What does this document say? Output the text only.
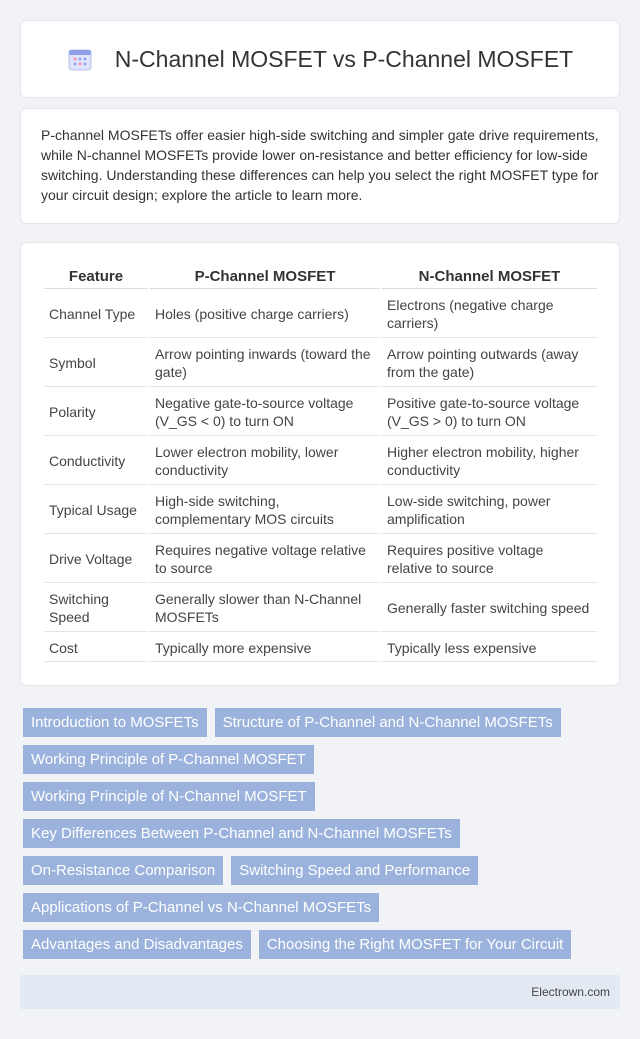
N-Channel MOSFET vs P-Channel MOSFET

P-channel MOSFETs offer easier high-side switching and simpler gate drive requirements, while N-channel MOSFETs provide lower on-resistance and better efficiency for low-side switching. Understanding these differences can help you select the right MOSFET type for your circuit design; explore the article to learn more.

Feature	P-Channel MOSFET	N-Channel MOSFET
Channel Type	Holes (positive charge carriers)	Electrons (negative charge carriers)
Symbol	Arrow pointing inwards (toward the gate)	Arrow pointing outwards (away from the gate)
Polarity	Negative gate-to-source voltage (V_GS < 0) to turn ON	Positive gate-to-source voltage (V_GS > 0) to turn ON
Conductivity	Lower electron mobility, lower conductivity	Higher electron mobility, higher conductivity
Typical Usage	High-side switching, complementary MOS circuits	Low-side switching, power amplification
Drive Voltage	Requires negative voltage relative to source	Requires positive voltage relative to source
Switching Speed	Generally slower than N-Channel MOSFETs	Generally faster switching speed
Cost	Typically more expensive	Typically less expensive
Introduction to MOSFETs	Structure of P-Channel and N-Channel MOSFETs
Working Principle of P-Channel MOSFET
Working Principle of N-Channel MOSFET
Key Differences Between P-Channel and N-Channel MOSFETs
On-Resistance Comparison	Switching Speed and Performance
Applications of P-Channel vs N-Channel MOSFETs
Advantages and Disadvantages	Choosing the Right MOSFET for Your Circuit
Electrown.com
